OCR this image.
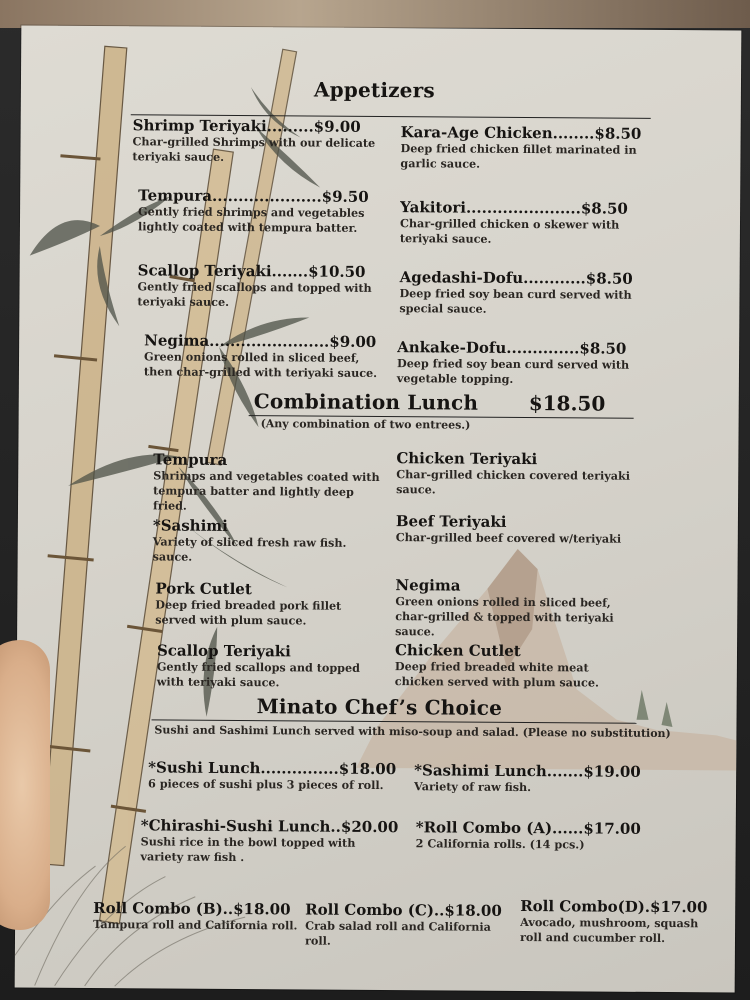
Appetizers
Shrimp Teriyaki.........$9.00
Char-grilled Shrimps with our delicate teriyaki sauce.
Kara-Age Chicken........$8.50
Deep fried chicken fillet marinated in garlic sauce.
Tempura.....................$9.50
Gently fried shrimps and vegetables lightly coated with tempura batter.
Yakitori......................$8.50
Char-grilled chicken o skewer with teriyaki sauce.
Scallop Teriyaki.......$10.50
Gently fried scallops and topped with teriyaki sauce.
Agedashi-Dofu............$8.50
Deep fried soy bean curd served with special sauce.
Negima.......................$9.00
Green onions rolled in sliced beef, then char-grilled with teriyaki sauce.
Ankake-Dofu..............$8.50
Deep fried soy bean curd served with vegetable topping.
Combination Lunch	$18.50
(Any combination of two entrees.)
Tempura
Shrimps and vegetables coated with tempura batter and lightly deep fried.
Chicken Teriyaki
Char-grilled chicken covered teriyaki sauce.
*Sashimi
Variety of sliced fresh raw fish. sauce.
Beef Teriyaki
Char-grilled beef covered w/teriyaki
Pork Cutlet
Deep fried breaded pork fillet served with plum sauce.
Negima
Green onions rolled in sliced beef, char-grilled & topped with teriyaki sauce.
Scallop Teriyaki
Gently fried scallops and topped with teriyaki sauce.
Chicken Cutlet
Deep fried breaded white meat chicken served with plum sauce.
Minato Chef’s Choice
Sushi and Sashimi Lunch served with miso-soup and salad. (Please no substitution)
*Sushi Lunch...............$18.00
6 pieces of sushi plus 3 pieces of roll.
*Sashimi Lunch.......$19.00
Variety of raw fish.
*Chirashi-Sushi Lunch..$20.00
Sushi rice in the bowl topped with variety raw fish .
*Roll Combo (A)......$17.00
2 California rolls. (14 pcs.)
Roll Combo (B)..$18.00
Tampura roll and California roll.
Roll Combo (C)..$18.00
Crab salad roll and California roll.
Roll Combo(D).$17.00
Avocado, mushroom, squash roll and cucumber roll.
